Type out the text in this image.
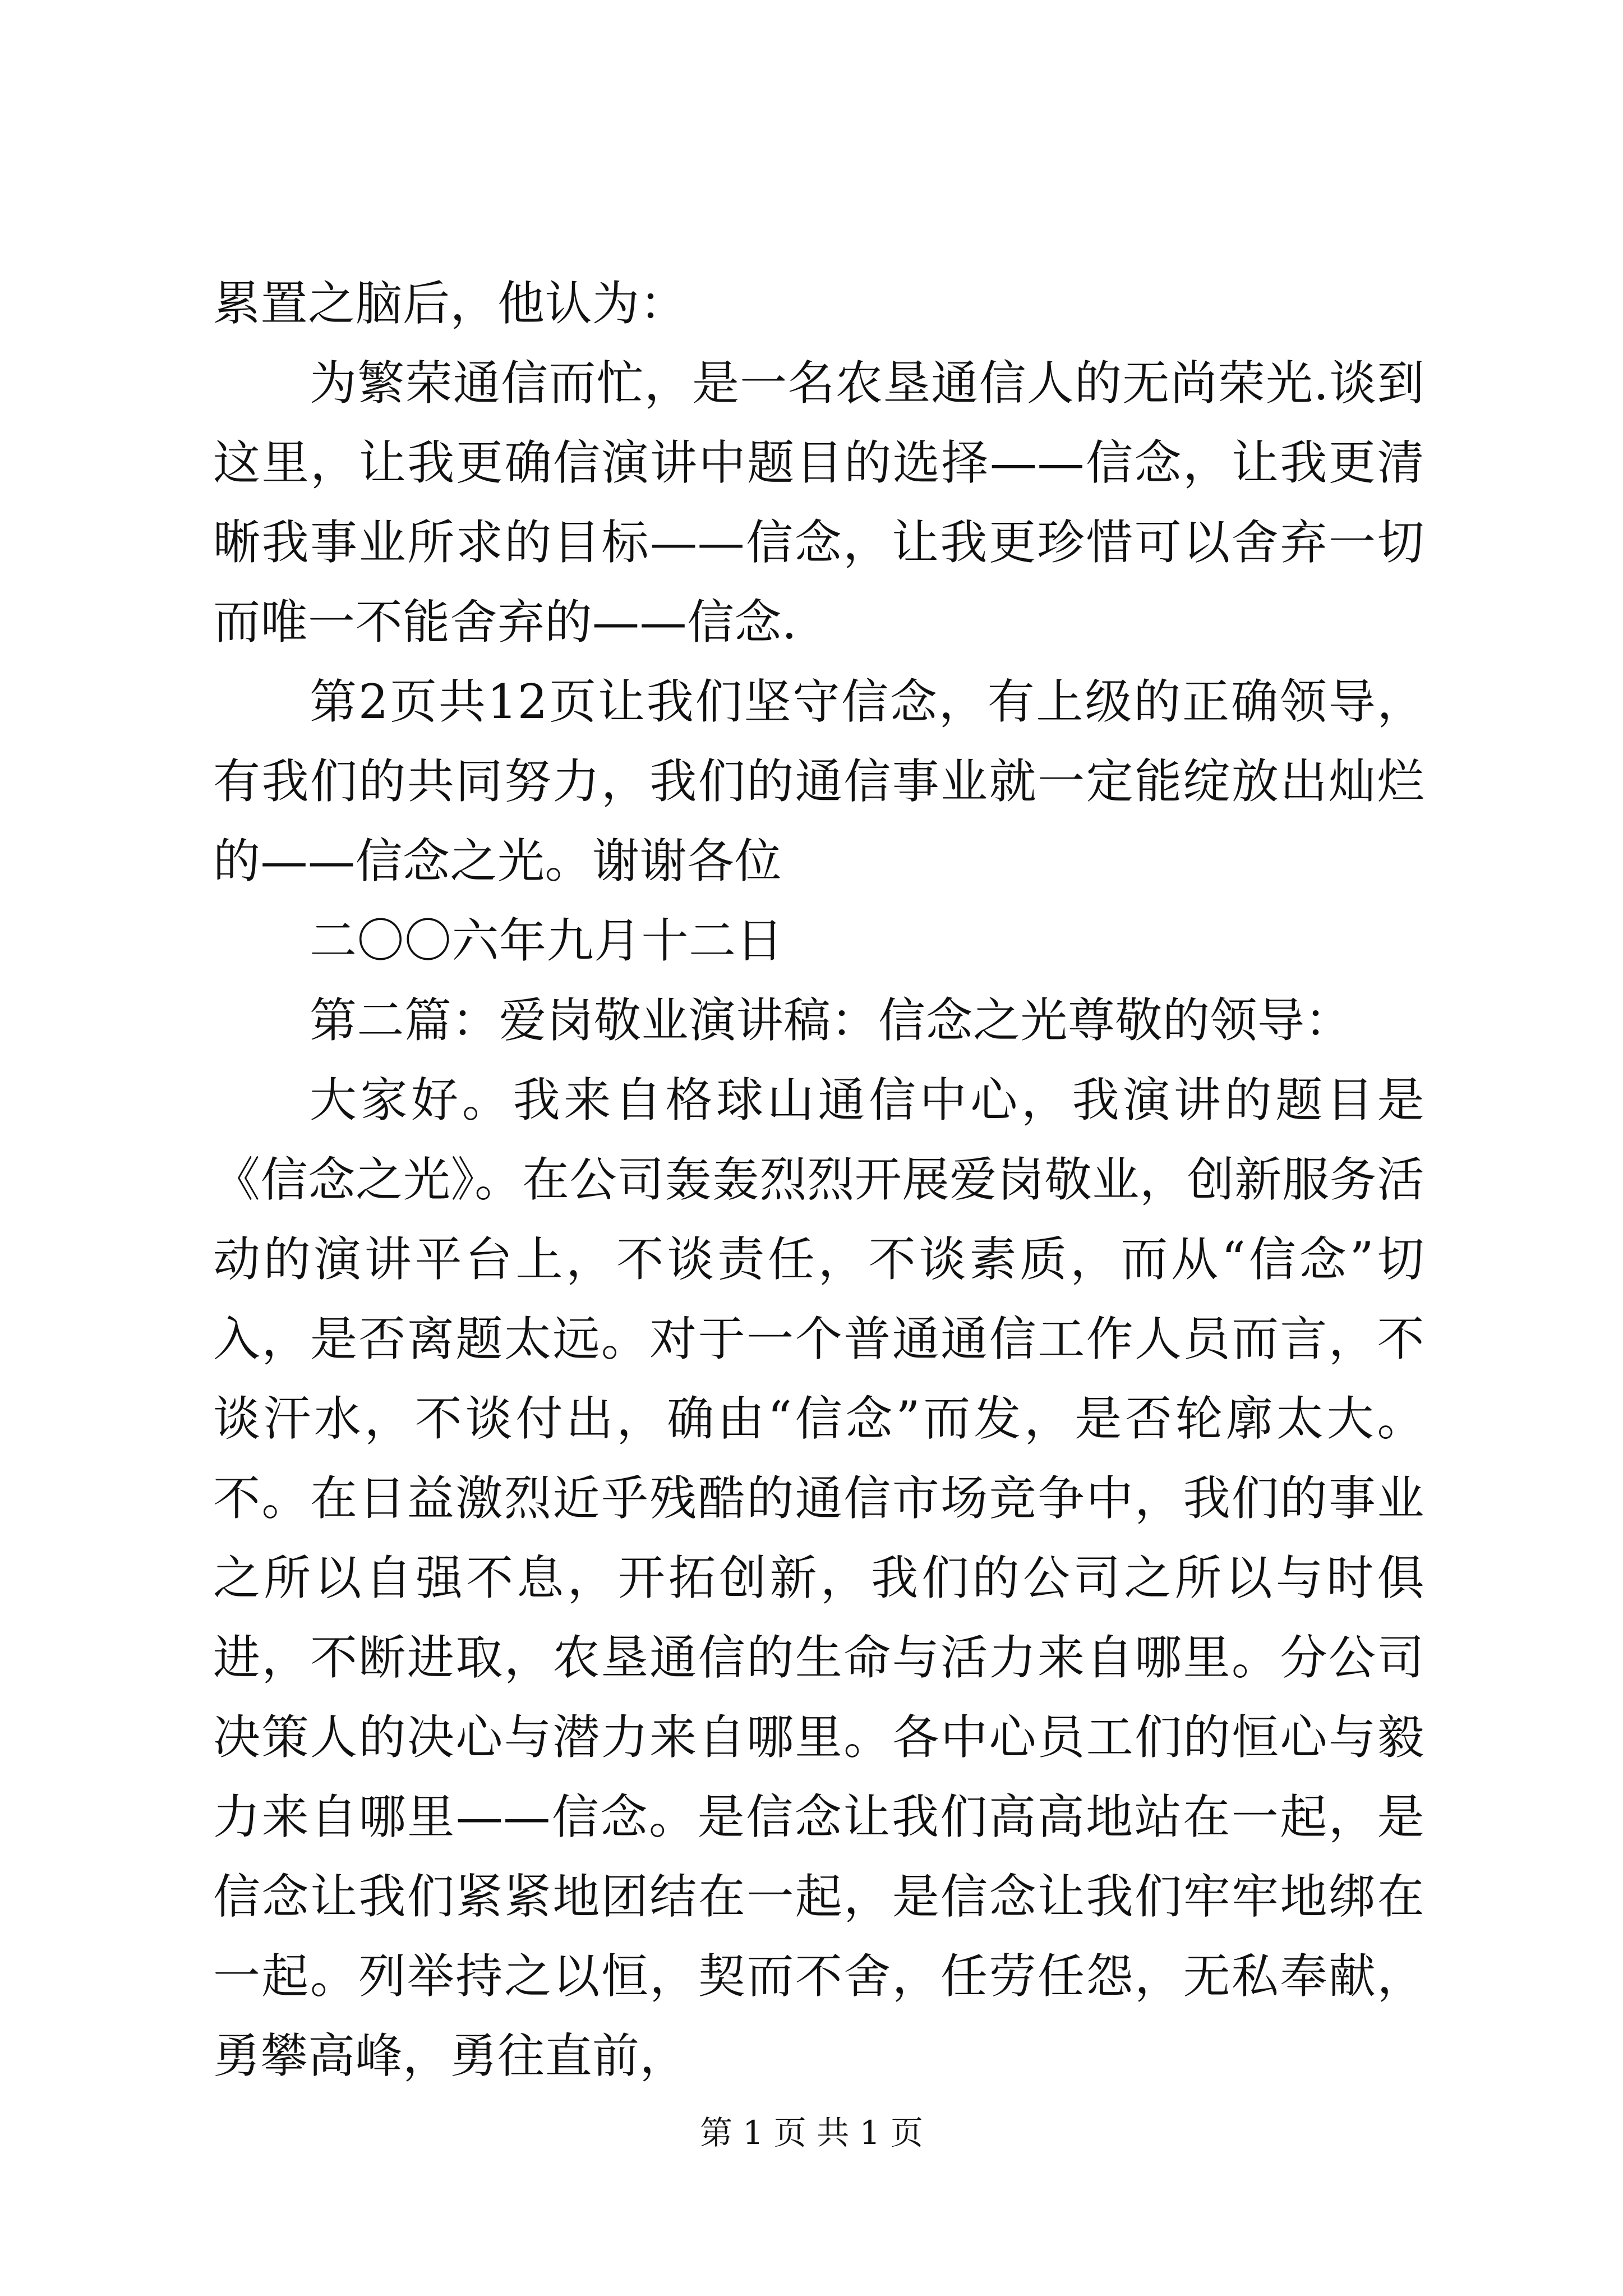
累置之脑后，他认为：

为繁荣通信而忙，是一名农垦通信人的无尚荣光.谈到这里，让我更确信演讲中题目的选择——信念，让我更清晰我事业所求的目标——信念，让我更珍惜可以舍弃一切而唯一不能舍弃的——信念.

第2页共12页让我们坚守信念，有上级的正确领导，有我们的共同努力，我们的通信事业就一定能绽放出灿烂的——信念之光。谢谢各位

二〇〇六年九月十二日

第二篇：爱岗敬业演讲稿：信念之光尊敬的领导：

大家好。我来自格球山通信中心，我演讲的题目是《信念之光》。在公司轰轰烈烈开展爱岗敬业，创新服务活动的演讲平台上，不谈责任，不谈素质，而从“信念”切入，是否离题太远。对于一个普通通信工作人员而言，不谈汗水，不谈付出，确由“信念”而发，是否轮廓太大。不。在日益激烈近乎残酷的通信市场竞争中，我们的事业之所以自强不息，开拓创新，我们的公司之所以与时俱进，不断进取，农垦通信的生命与活力来自哪里。分公司决策人的决心与潜力来自哪里。各中心员工们的恒心与毅力来自哪里——信念。是信念让我们高高地站在一起，是信念让我们紧紧地团结在一起，是信念让我们牢牢地绑在一起。列举持之以恒，契而不舍，任劳任怨，无私奉献，勇攀高峰，勇往直前，

第 1 页 共 1 页
